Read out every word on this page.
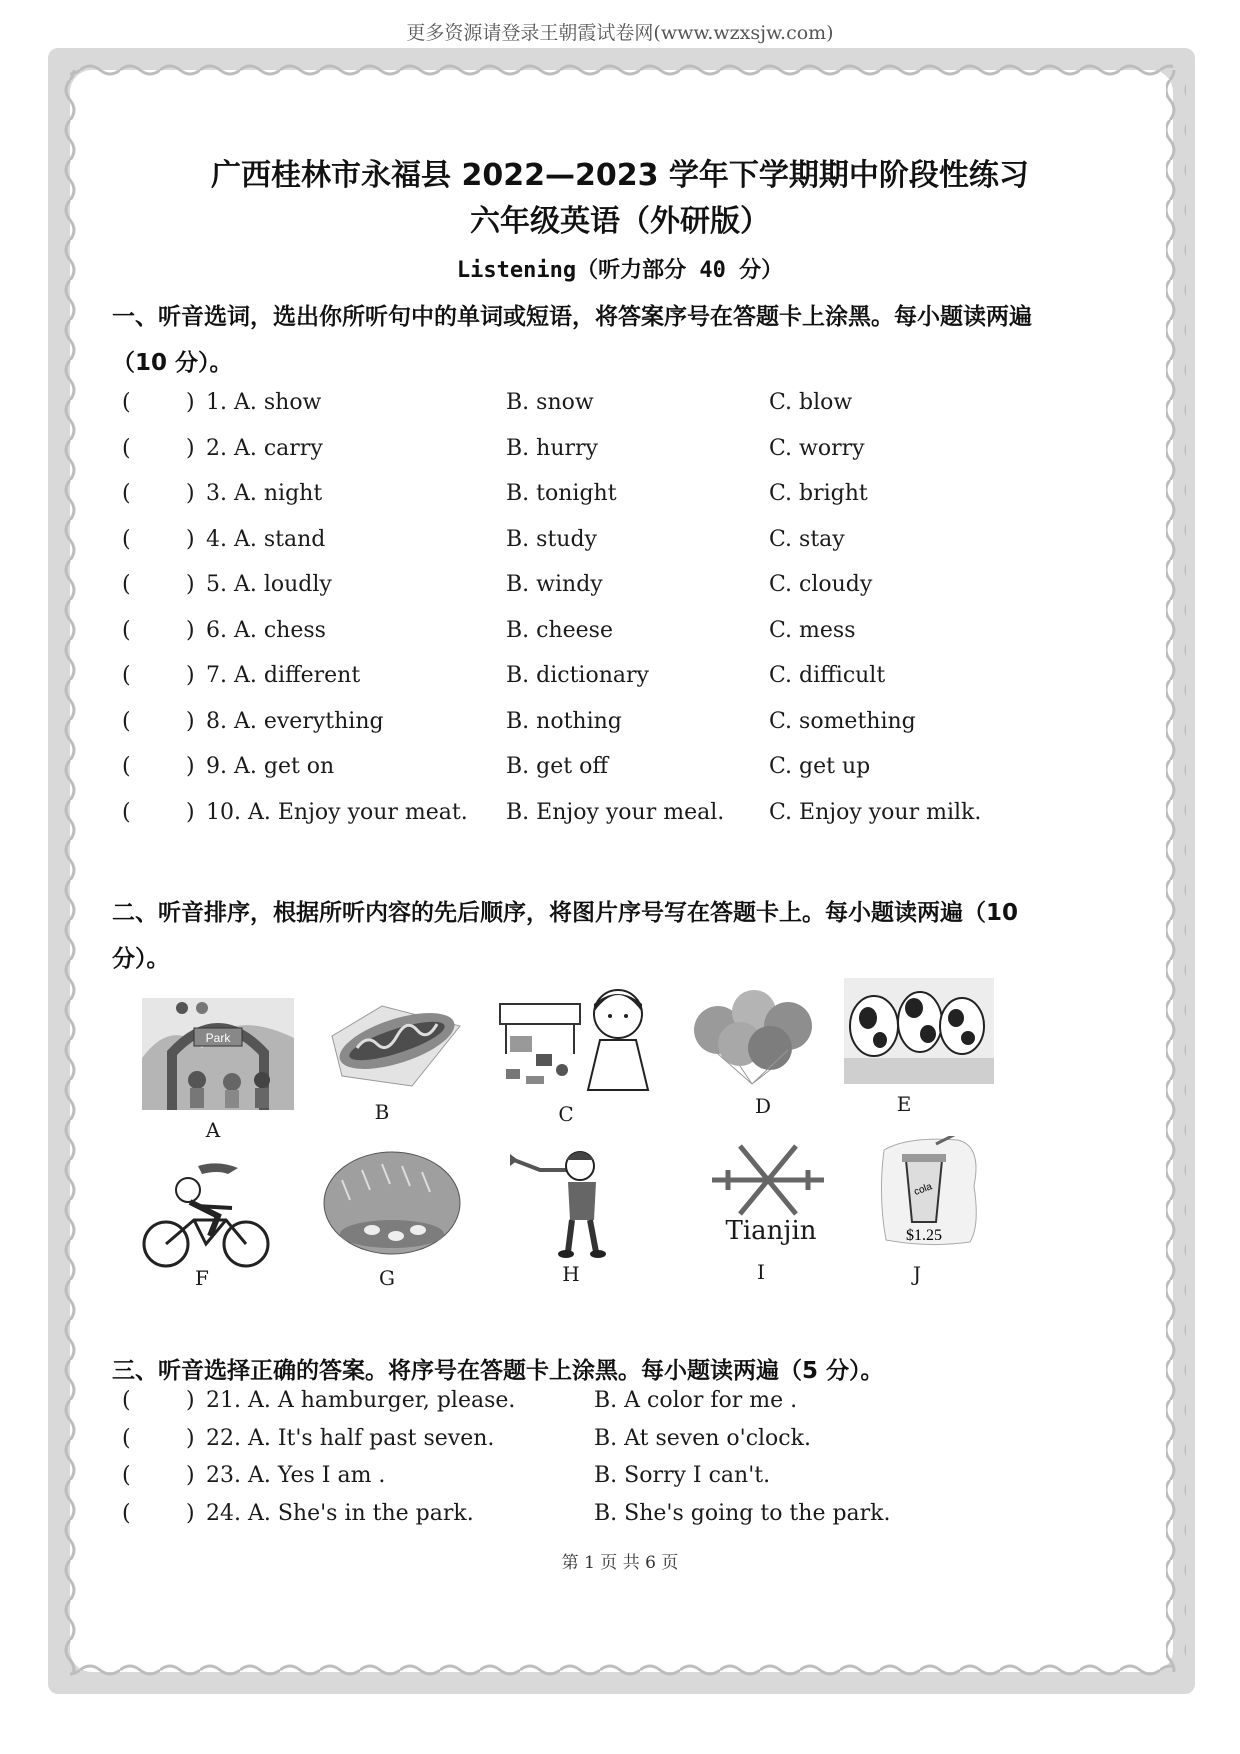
更多资源请登录王朝霞试卷网(www.wzxsjw.com)
广西桂林市永福县 2022—2023 学年下学期期中阶段性练习
六年级英语（外研版）
Listening（听力部分 40 分）
一、听音选词，选出你所听句中的单词或短语，将答案序号在答题卡上涂黑。每小题读两遍
（10 分）。
(	) 1. A. show	B. snow	C. blow
(	) 2. A. carry	B. hurry	C. worry
(	) 3. A. night	B. tonight	C. bright
(	) 4. A. stand	B. study	C. stay
(	) 5. A. loudly	B. windy	C. cloudy
(	) 6. A. chess	B. cheese	C. mess
(	) 7. A. different	B. dictionary	C. difficult
(	) 8. A. everything	B. nothing	C. something
(	) 9. A. get on	B. get off	C. get up
(	) 10. A. Enjoy your meat. B. Enjoy your meal. C. Enjoy your milk.
二、听音排序，根据所听内容的先后顺序，将图片序号写在答题卡上。每小题读两遍（10
分）。
Park
A
B	C	D	E
F	G	H
Tianjin
I
cola
$1.25
J
三、听音选择正确的答案。将序号在答题卡上涂黑。每小题读两遍（5 分）。
(	) 21. A. A hamburger, please.	B. A color for me .
(	) 22. A. It's half past seven.	B. At seven o'clock.
(	) 23. A. Yes I am .	B. Sorry I can't.
(	) 24. A. She's in the park.	B. She's going to the park.
第 1 页 共 6 页
